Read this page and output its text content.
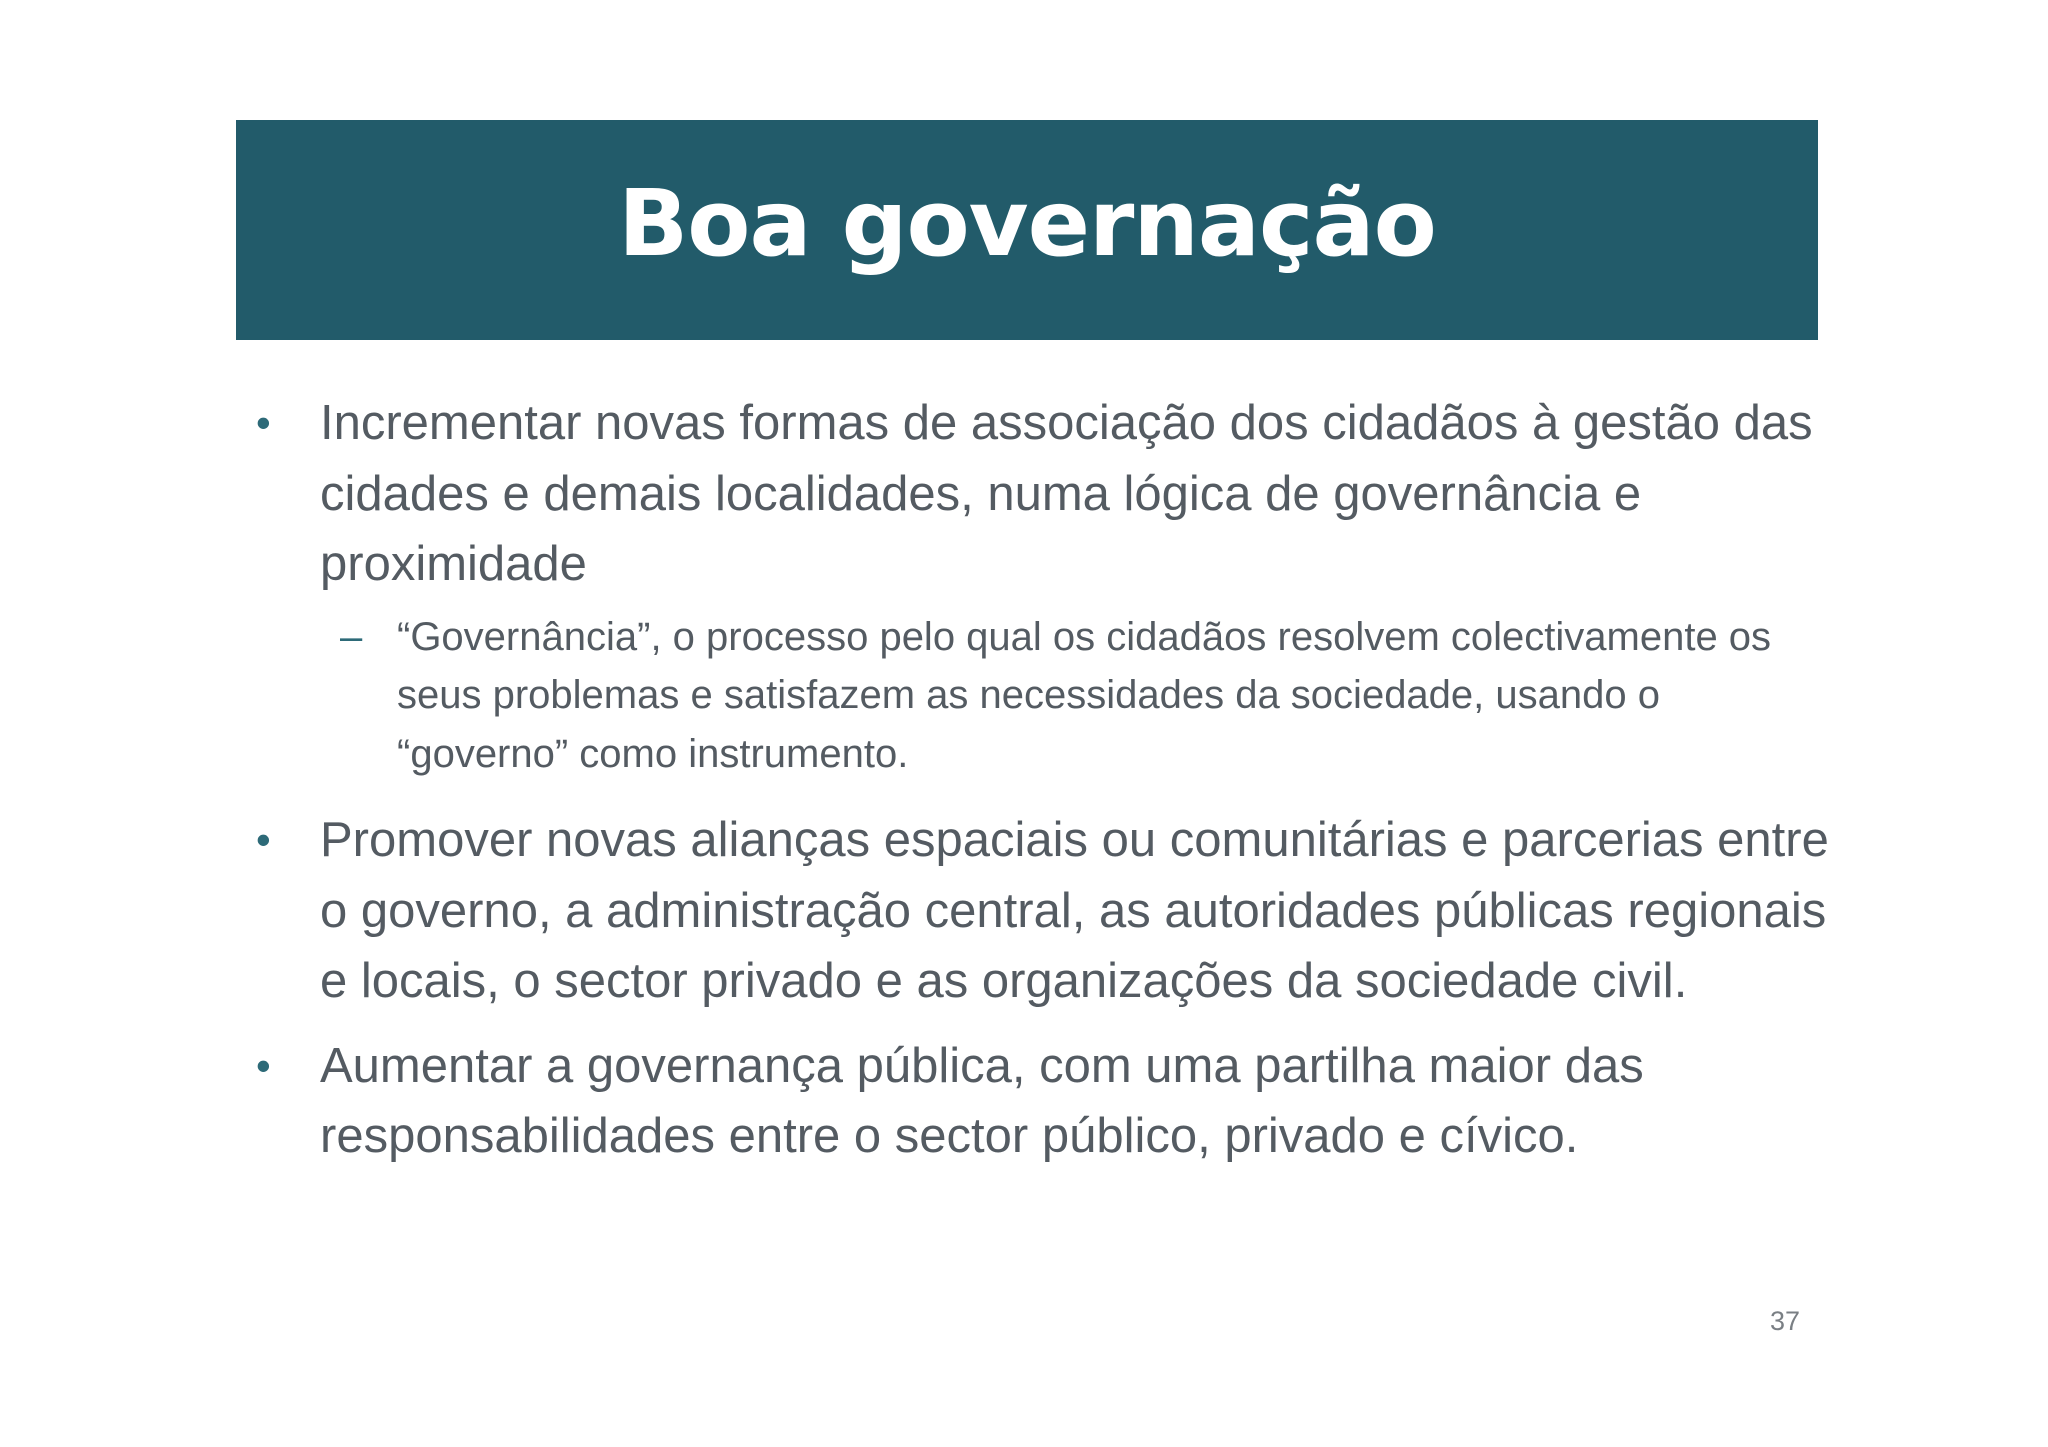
Boa governação
• Incrementar novas formas de associação dos cidadãos à gestão das cidades e demais localidades, numa lógica de governância e proximidade
– “Governância”, o processo pelo qual os cidadãos resolvem colectivamente os seus problemas e satisfazem as necessidades da sociedade, usando o “governo” como instrumento.
• Promover novas alianças espaciais ou comunitárias e parcerias entre o governo, a administração central, as autoridades públicas regionais e locais, o sector privado e as organizações da sociedade civil.
• Aumentar a governança pública, com uma partilha maior das responsabilidades entre o sector público, privado e cívico.
37
